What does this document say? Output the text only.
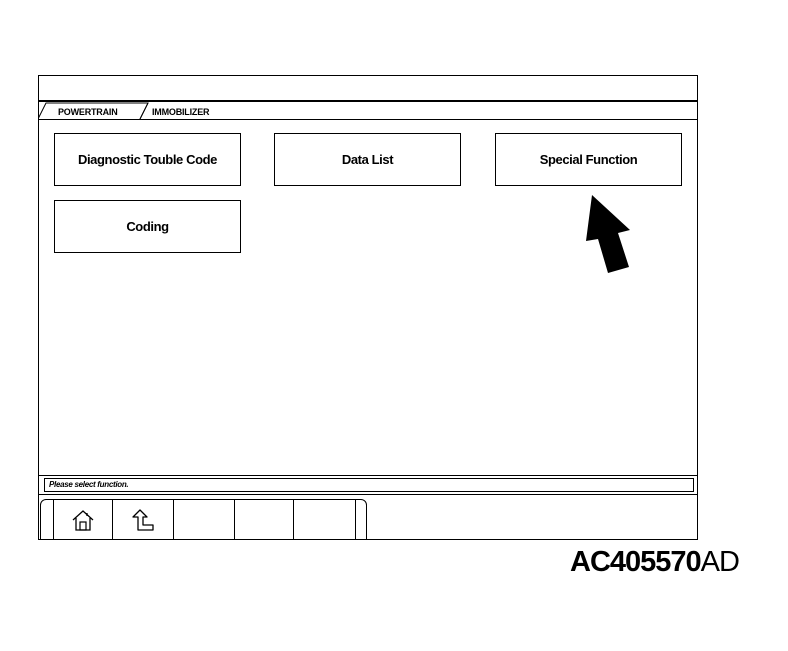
POWERTRAIN	IMMOBILIZER
Diagnostic Touble Code	Data List	Special Function
Coding
Please select function.
AC405570AD
